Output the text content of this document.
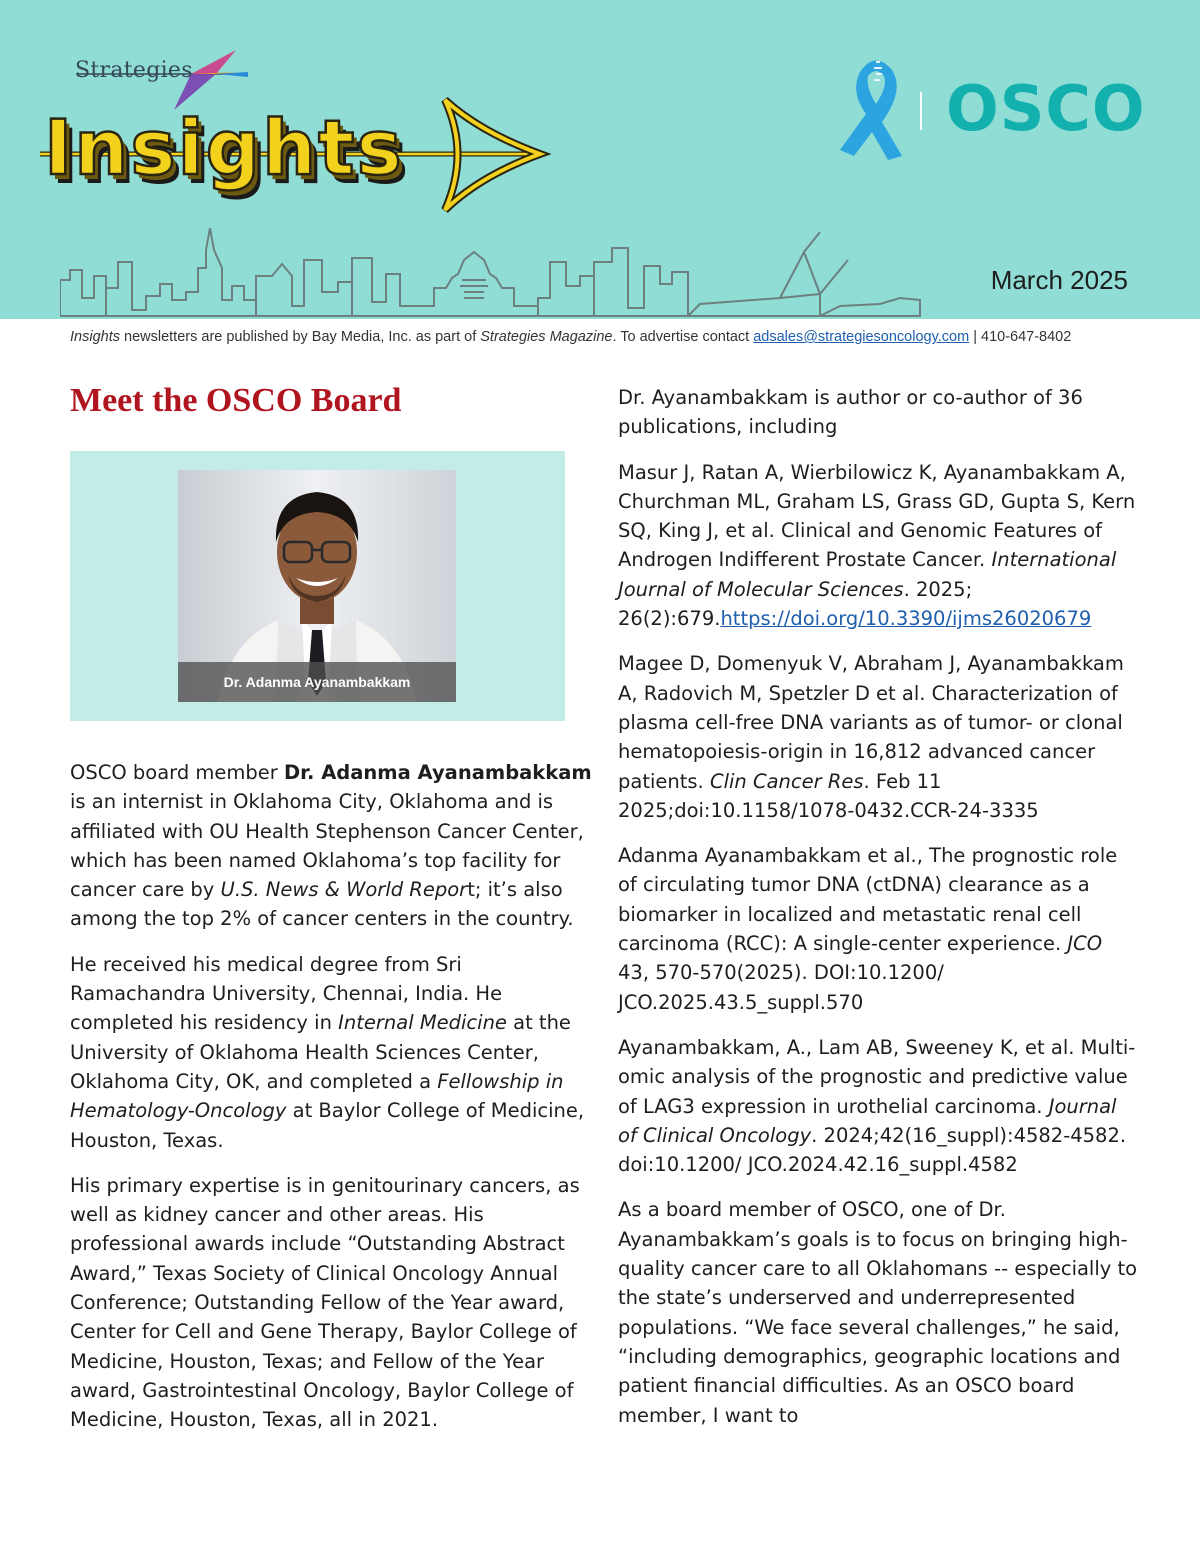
Strategies
Insights	OSCO
March 2025
Insights newsletters are published by Bay Media, Inc. as part of Strategies Magazine. To advertise contact adsales@strategiesoncology.com | 410-647-8402
Meet the OSCO Board
Dr. Adanma Ayanambakkam

OSCO board member Dr. Adanma Ayanambakkam is an internist in Oklahoma City, Oklahoma and is affiliated with OU Health Stephenson Cancer Center, which has been named Oklahoma’s top facility for cancer care by U.S. News & World Report; it’s also among the top 2% of cancer centers in the country.

He received his medical degree from Sri Ramachandra University, Chennai, India. He completed his residency in Internal Medicine at the University of Oklahoma Health Sciences Center, Oklahoma City, OK, and completed a Fellowship in Hematology-Oncology at Baylor College of Medicine, Houston, Texas.

His primary expertise is in genitourinary cancers, as well as kidney cancer and other areas. His professional awards include “Outstanding Abstract Award,” Texas Society of Clinical Oncology Annual Conference; Outstanding Fellow of the Year award, Center for Cell and Gene Therapy, Baylor College of Medicine, Houston, Texas; and Fellow of the Year award, Gastrointestinal Oncology, Baylor College of Medicine, Houston, Texas, all in 2021.

Dr. Ayanambakkam is author or co-author of 36 publications, including

Masur J, Ratan A, Wierbilowicz K, Ayanambakkam A, Churchman ML, Graham LS, Grass GD, Gupta S, Kern SQ, King J, et al. Clinical and Genomic Features of Androgen Indifferent Prostate Cancer. International Journal of Molecular Sciences. 2025; 26(2):679.https://doi.org/10.3390/ijms26020679

Magee D, Domenyuk V, Abraham J, Ayanambakkam A, Radovich M, Spetzler D et al. Characterization of plasma cell-free DNA variants as of tumor- or clonal hematopoiesis-origin in 16,812 advanced cancer patients. Clin Cancer Res. Feb 11 2025;doi:10.1158/1078-0432.CCR-24-3335

Adanma Ayanambakkam et al., The prognostic role of circulating tumor DNA (ctDNA) clearance as a biomarker in localized and metastatic renal cell carcinoma (RCC): A single-center experience. JCO 43, 570-570(2025). DOI:10.1200/ JCO.2025.43.5_suppl.570

Ayanambakkam, A., Lam AB, Sweeney K, et al. Multi-omic analysis of the prognostic and predictive value of LAG3 expression in urothelial carcinoma. Journal of Clinical Oncology. 2024;42(16_suppl):4582-4582. doi:10.1200/ JCO.2024.42.16_suppl.4582

As a board member of OSCO, one of Dr. Ayanambakkam’s goals is to focus on bringing high-quality cancer care to all Oklahomans -- especially to the state’s underserved and underrepresented populations. “We face several challenges,” he said, “including demographics, geographic locations and patient financial difficulties. As an OSCO board member, I want to
